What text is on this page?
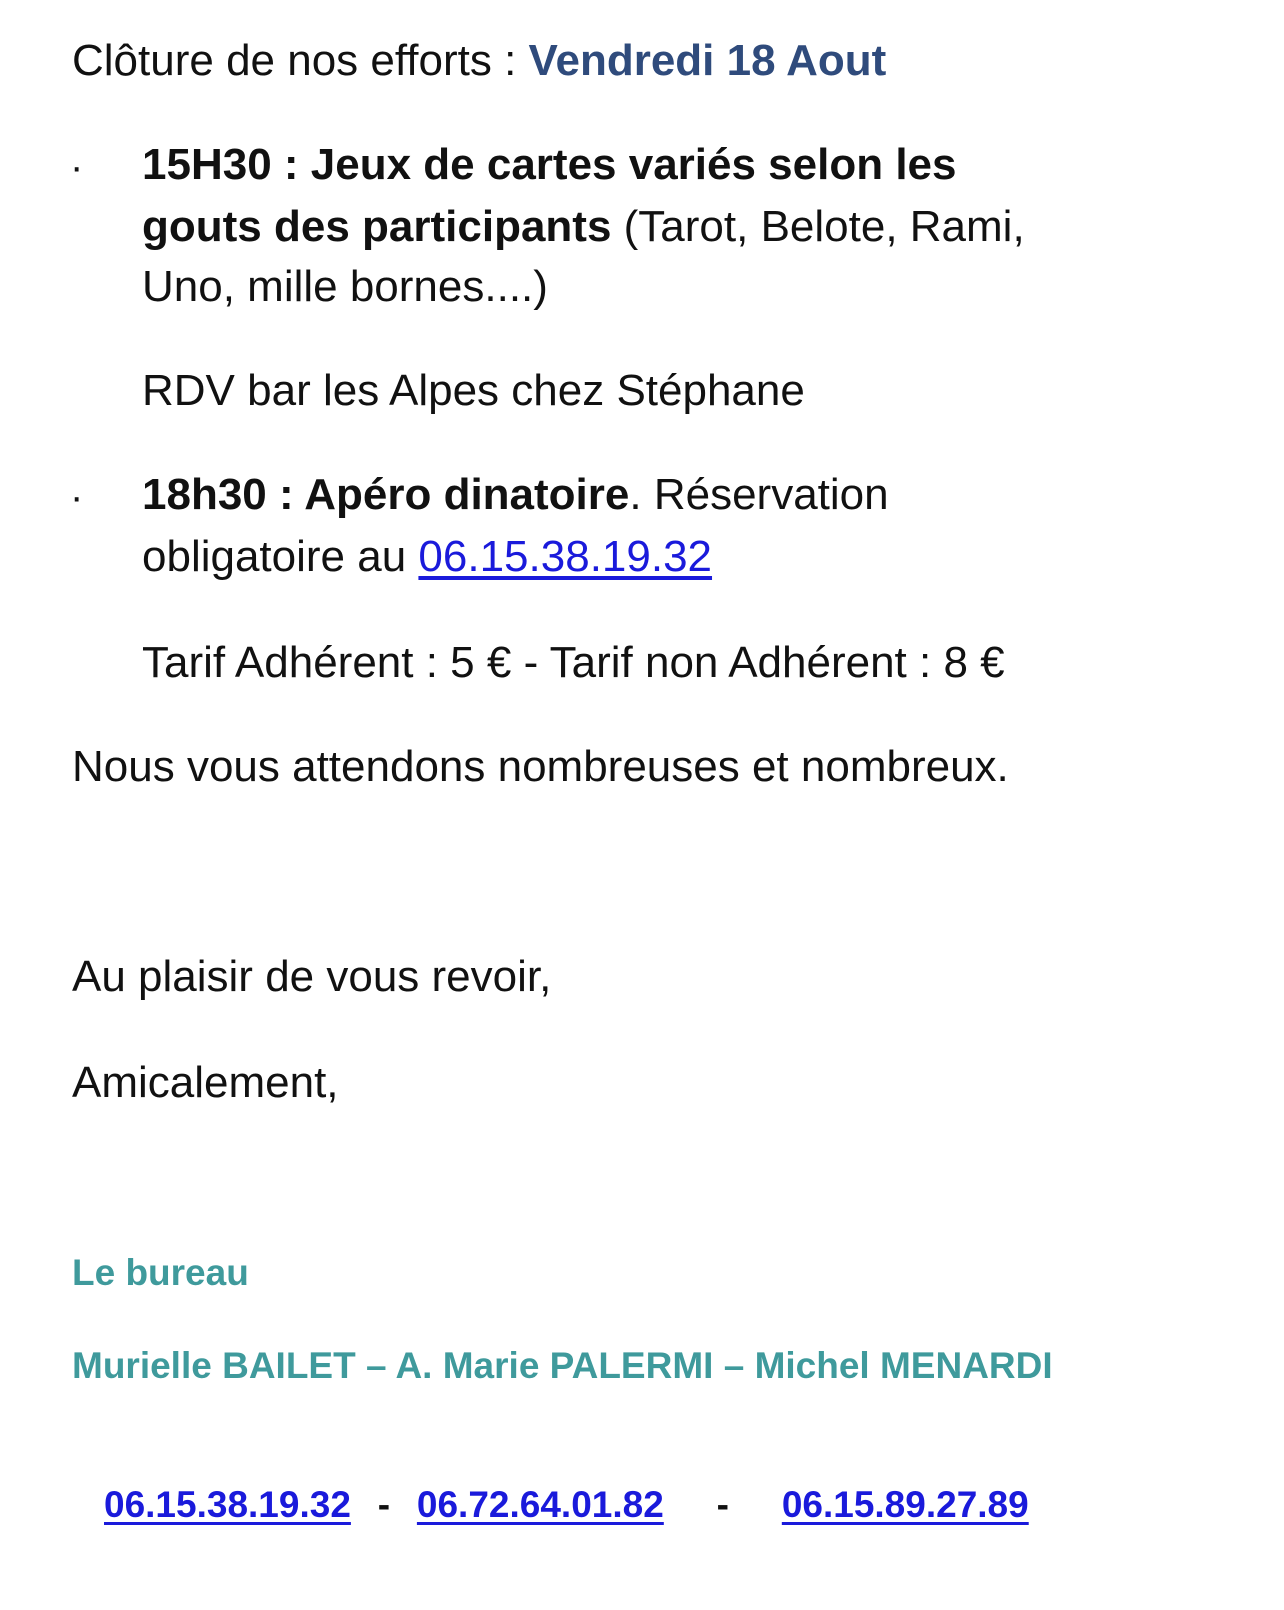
Clôture de nos efforts : Vendredi 18 Aout
· 15H30 : Jeux de cartes variés selon les
gouts des participants (Tarot, Belote, Rami,
Uno, mille bornes....)
RDV bar les Alpes chez Stéphane
· 18h30 : Apéro dinatoire. Réservation
obligatoire au 06.15.38.19.32
Tarif Adhérent : 5 € - Tarif non Adhérent : 8 €
Nous vous attendons nombreuses et nombreux.
Au plaisir de vous revoir,
Amicalement,
Le bureau
Murielle BAILET – A. Marie PALERMI – Michel MENARDI
06.15.38.19.32 - 06.72.64.01.82 - 06.15.89.27.89
